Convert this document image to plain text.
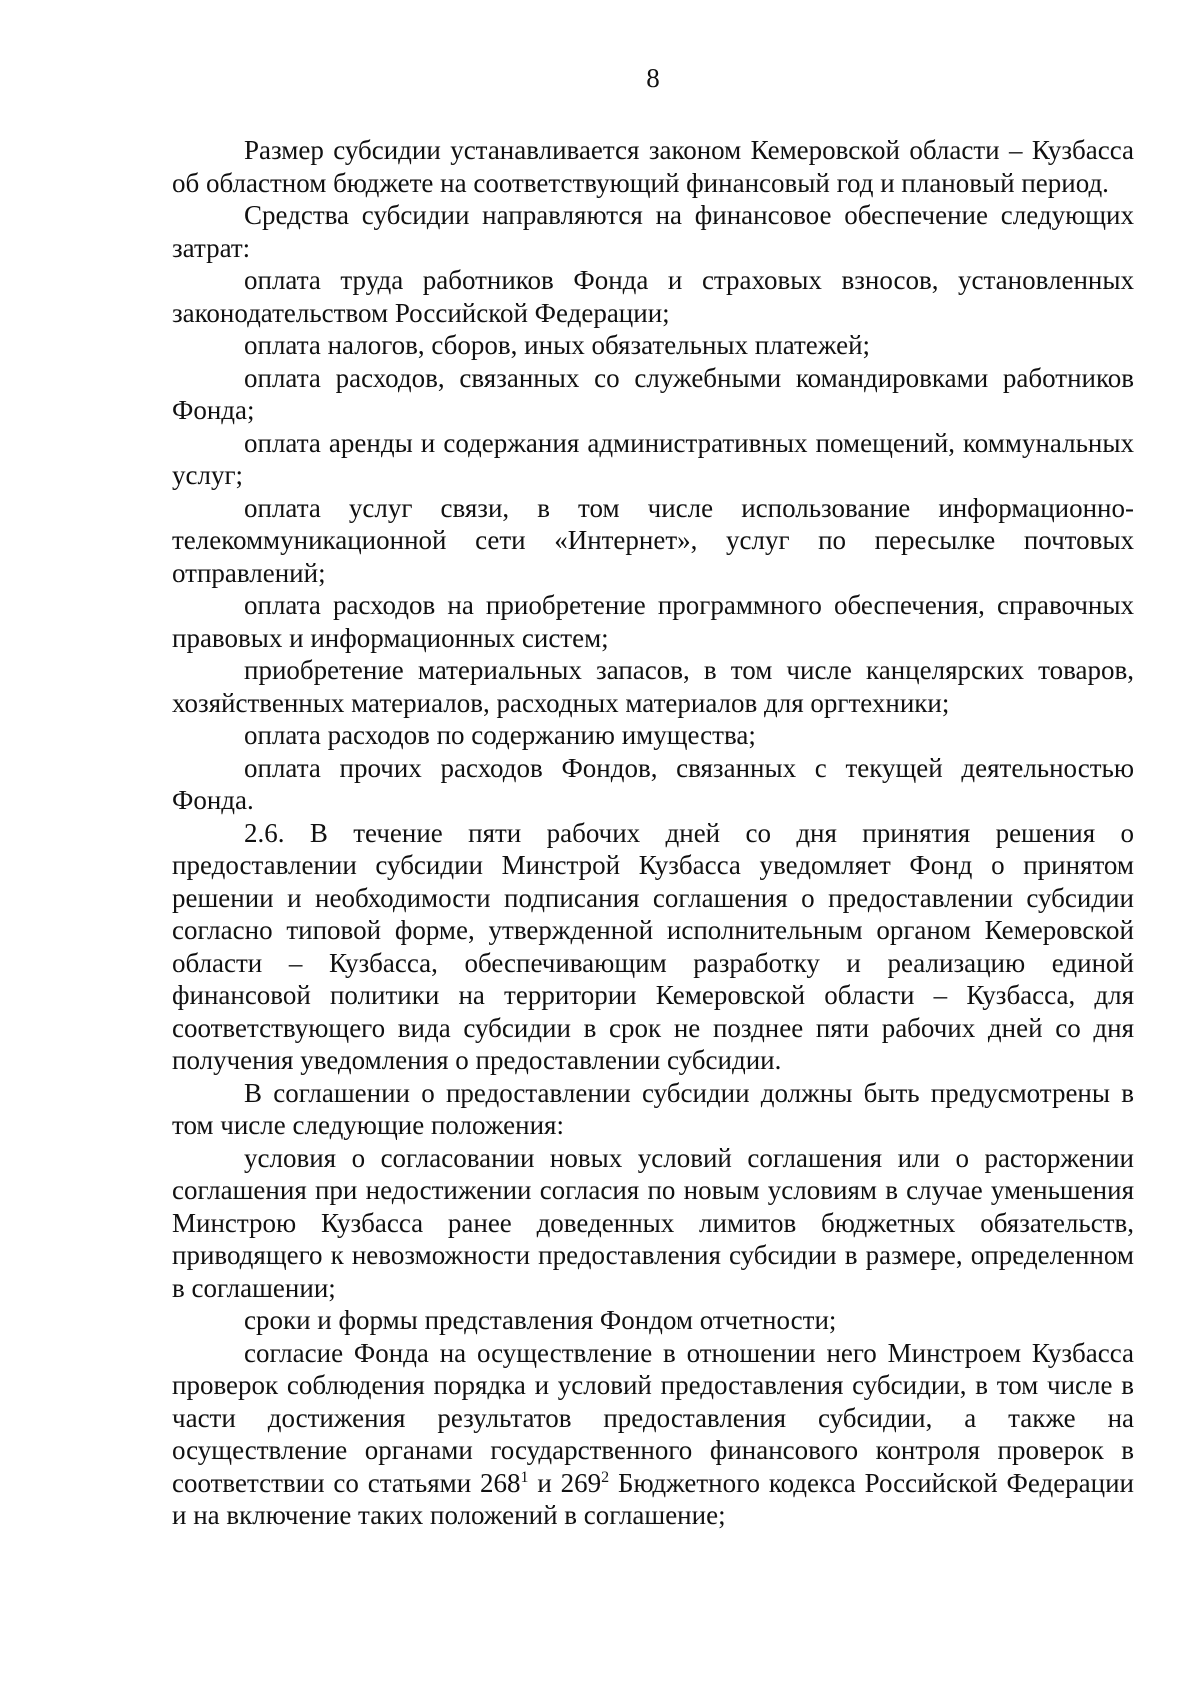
8

Размер субсидии устанавливается законом Кемеровской области – Кузбасса об областном бюджете на соответствующий финансовый год и плановый период.

Средства субсидии направляются на финансовое обеспечение следующих затрат:

оплата труда работников Фонда и страховых взносов, установленных законодательством Российской Федерации;

оплата налогов, сборов, иных обязательных платежей;

оплата расходов, связанных со служебными командировками работников Фонда;

оплата аренды и содержания административных помещений, коммунальных услуг;

оплата услуг связи, в том числе использование информационно-телекоммуникационной сети «Интернет», услуг по пересылке почтовых отправлений;

оплата расходов на приобретение программного обеспечения, справочных правовых и информационных систем;

приобретение материальных запасов, в том числе канцелярских товаров, хозяйственных материалов, расходных материалов для оргтехники;

оплата расходов по содержанию имущества;

оплата прочих расходов Фондов, связанных с текущей деятельностью Фонда.

2.6. В течение пяти рабочих дней со дня принятия решения о предоставлении субсидии Минстрой Кузбасса уведомляет Фонд о принятом решении и необходимости подписания соглашения о предоставлении субсидии согласно типовой форме, утвержденной исполнительным органом Кемеровской области – Кузбасса, обеспечивающим разработку и реализацию единой финансовой политики на территории Кемеровской области – Кузбасса, для соответствующего вида субсидии в срок не позднее пяти рабочих дней со дня получения уведомления о предоставлении субсидии.

В соглашении о предоставлении субсидии должны быть предусмотрены в том числе следующие положения:

условия о согласовании новых условий соглашения или о расторжении соглашения при недостижении согласия по новым условиям в случае уменьшения Минстрою Кузбасса ранее доведенных лимитов бюджетных обязательств, приводящего к невозможности предоставления субсидии в размере, определенном в соглашении;

сроки и формы представления Фондом отчетности;

согласие Фонда на осуществление в отношении него Минстроем Кузбасса проверок соблюдения порядка и условий предоставления субсидии, в том числе в части достижения результатов предоставления субсидии, а также на осуществление органами государственного финансового контроля проверок в соответствии со статьями $268^1$ и $269^2$ Бюджетного кодекса Российской Федерации и на включение таких положений в соглашение;
